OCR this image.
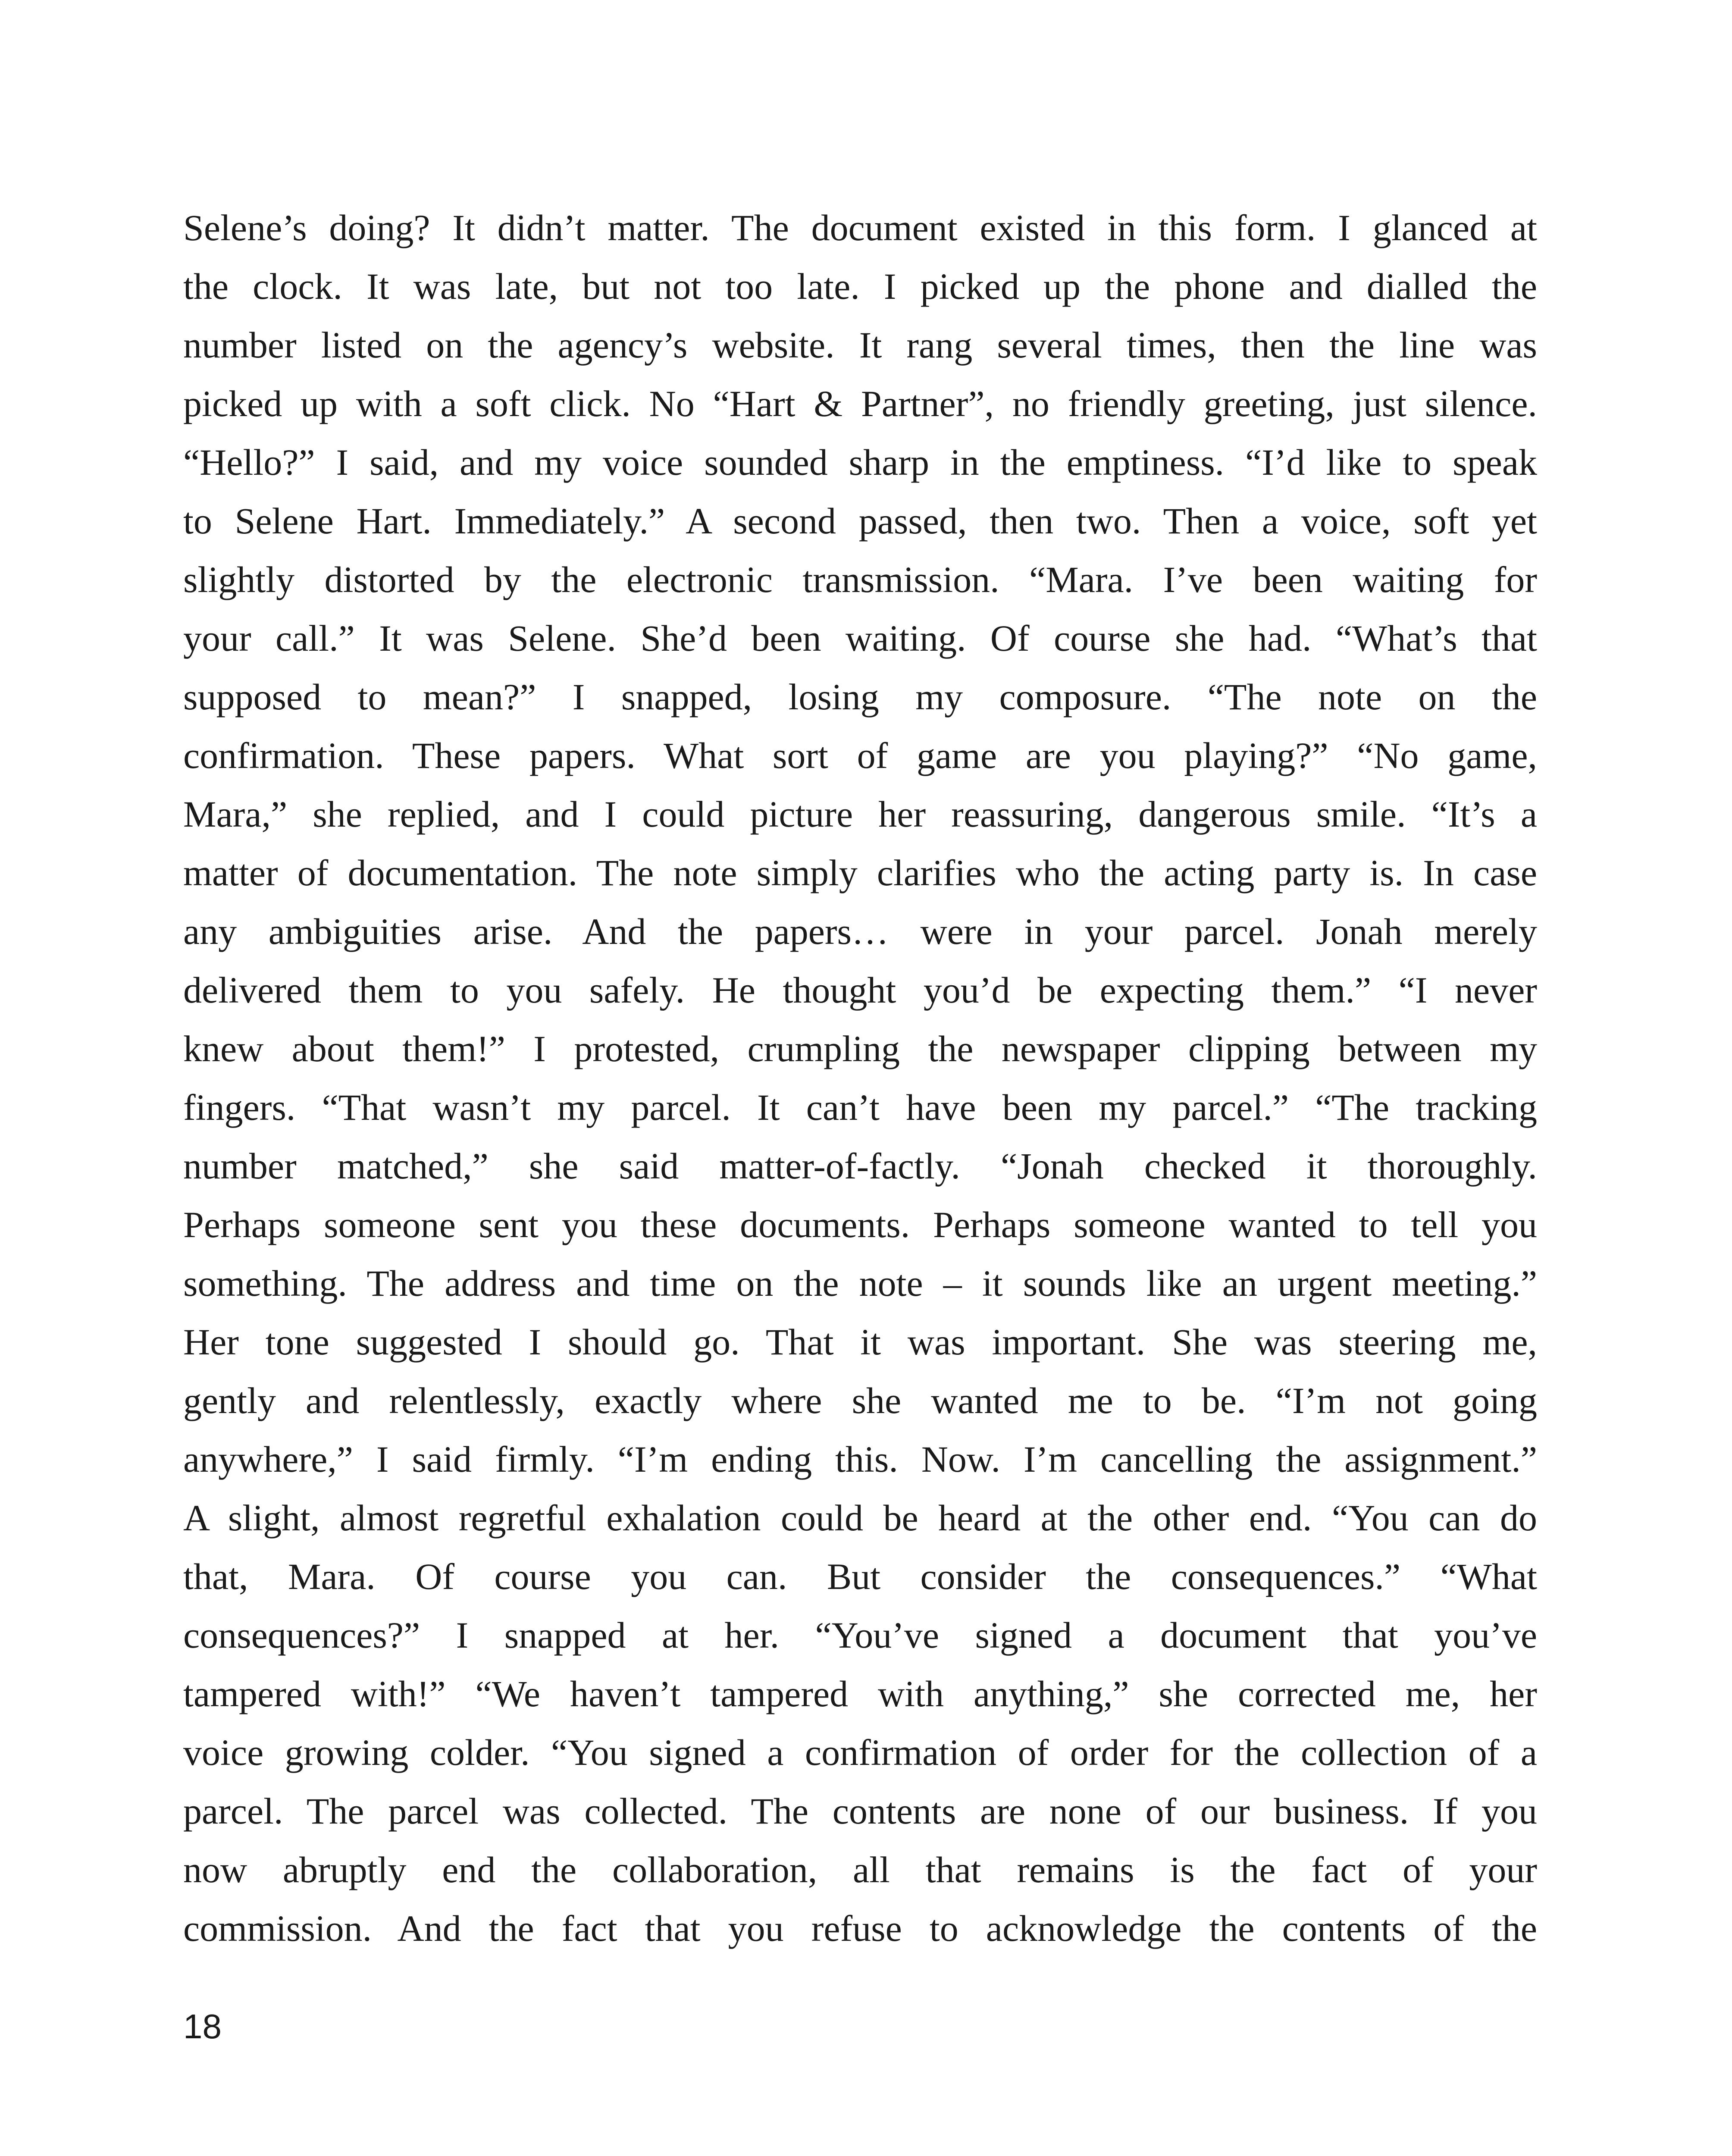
Selene’s doing? It didn’t matter. The document existed in this form. I glanced at
the clock. It was late, but not too late. I picked up the phone and dialled the
number listed on the agency’s website. It rang several times, then the line was
picked up with a soft click. No “Hart & Partner”, no friendly greeting, just silence.
“Hello?” I said, and my voice sounded sharp in the emptiness. “I’d like to speak
to Selene Hart. Immediately.” A second passed, then two. Then a voice, soft yet
slightly distorted by the electronic transmission. “Mara. I’ve been waiting for
your call.” It was Selene. She’d been waiting. Of course she had. “What’s that
supposed to mean?” I snapped, losing my composure. “The note on the
confirmation. These papers. What sort of game are you playing?” “No game,
Mara,” she replied, and I could picture her reassuring, dangerous smile. “It’s a
matter of documentation. The note simply clarifies who the acting party is. In case
any ambiguities arise. And the papers… were in your parcel. Jonah merely
delivered them to you safely. He thought you’d be expecting them.” “I never
knew about them!” I protested, crumpling the newspaper clipping between my
fingers. “That wasn’t my parcel. It can’t have been my parcel.” “The tracking
number matched,” she said matter-of-factly. “Jonah checked it thoroughly.
Perhaps someone sent you these documents. Perhaps someone wanted to tell you
something. The address and time on the note – it sounds like an urgent meeting.”
Her tone suggested I should go. That it was important. She was steering me,
gently and relentlessly, exactly where she wanted me to be. “I’m not going
anywhere,” I said firmly. “I’m ending this. Now. I’m cancelling the assignment.”
A slight, almost regretful exhalation could be heard at the other end. “You can do
that, Mara. Of course you can. But consider the consequences.” “What
consequences?” I snapped at her. “You’ve signed a document that you’ve
tampered with!” “We haven’t tampered with anything,” she corrected me, her
voice growing colder. “You signed a confirmation of order for the collection of a
parcel. The parcel was collected. The contents are none of our business. If you
now abruptly end the collaboration, all that remains is the fact of your
commission. And the fact that you refuse to acknowledge the contents of the
18
